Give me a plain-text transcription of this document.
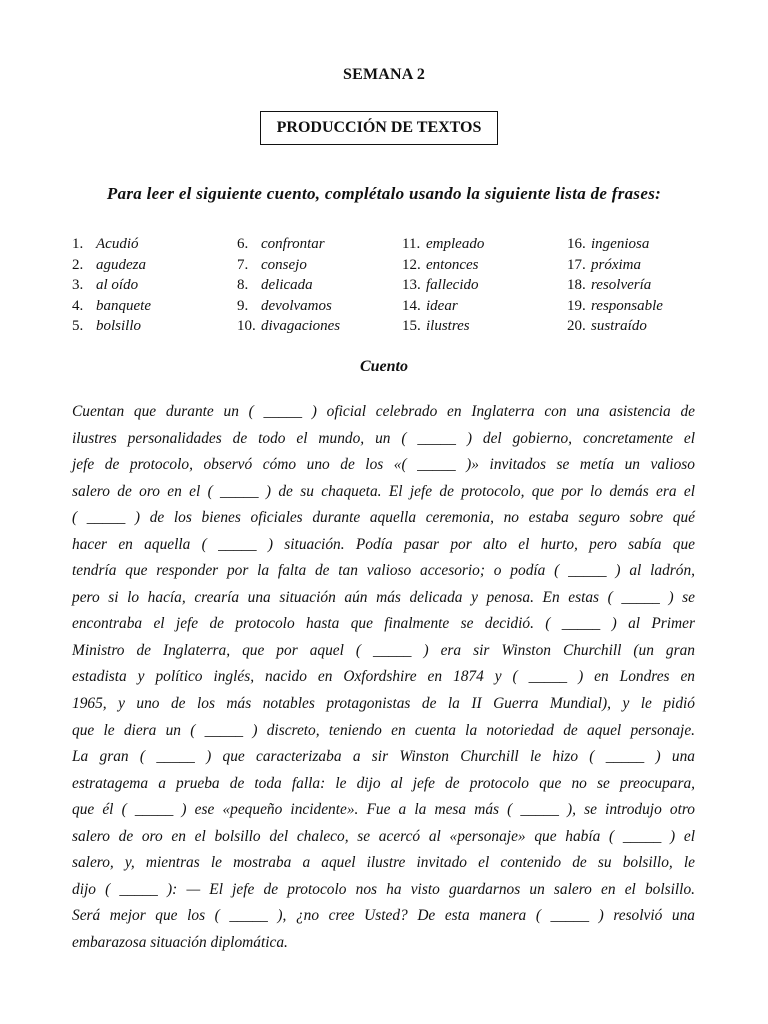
SEMANA 2
PRODUCCIÓN DE TEXTOS
Para leer el siguiente cuento, complétalo usando la siguiente lista de frases:
1. Acudió
2. agudeza
3. al oído
4. banquete
5. bolsillo
6. confrontar
7. consejo
8. delicada
9. devolvamos
10. divagaciones
11. empleado
12. entonces
13. fallecido
14. idear
15. ilustres
16. ingeniosa
17. próxima
18. resolvería
19. responsable
20. sustraído
Cuento
Cuentan que durante un ( _____ ) oficial celebrado en Inglaterra con una asistencia de
ilustres personalidades de todo el mundo, un ( _____ ) del gobierno, concretamente el
jefe de protocolo, observó cómo uno de los «( _____ )» invitados se metía un valioso
salero de oro en el ( _____ ) de su chaqueta. El jefe de protocolo, que por lo demás era el
( _____ ) de los bienes oficiales durante aquella ceremonia, no estaba seguro sobre qué
hacer en aquella ( _____ ) situación. Podía pasar por alto el hurto, pero sabía que
tendría que responder por la falta de tan valioso accesorio; o podía ( _____ ) al ladrón,
pero si lo hacía, crearía una situación aún más delicada y penosa. En estas ( _____ ) se
encontraba el jefe de protocolo hasta que finalmente se decidió. ( _____ ) al Primer
Ministro de Inglaterra, que por aquel ( _____ ) era sir Winston Churchill (un gran
estadista y político inglés, nacido en Oxfordshire en 1874 y ( _____ ) en Londres en
1965, y uno de los más notables protagonistas de la II Guerra Mundial), y le pidió
que le diera un ( _____ ) discreto, teniendo en cuenta la notoriedad de aquel personaje.
La gran ( _____ ) que caracterizaba a sir Winston Churchill le hizo ( _____ ) una
estratagema a prueba de toda falla: le dijo al jefe de protocolo que no se preocupara,
que él ( _____ ) ese «pequeño incidente». Fue a la mesa más ( _____ ), se introdujo otro
salero de oro en el bolsillo del chaleco, se acercó al «personaje» que había ( _____ ) el
salero, y, mientras le mostraba a aquel ilustre invitado el contenido de su bolsillo, le
dijo ( _____ ): — El jefe de protocolo nos ha visto guardarnos un salero en el bolsillo.
Será mejor que los ( _____ ), ¿no cree Usted? De esta manera ( _____ ) resolvió una
embarazosa situación diplomática.
